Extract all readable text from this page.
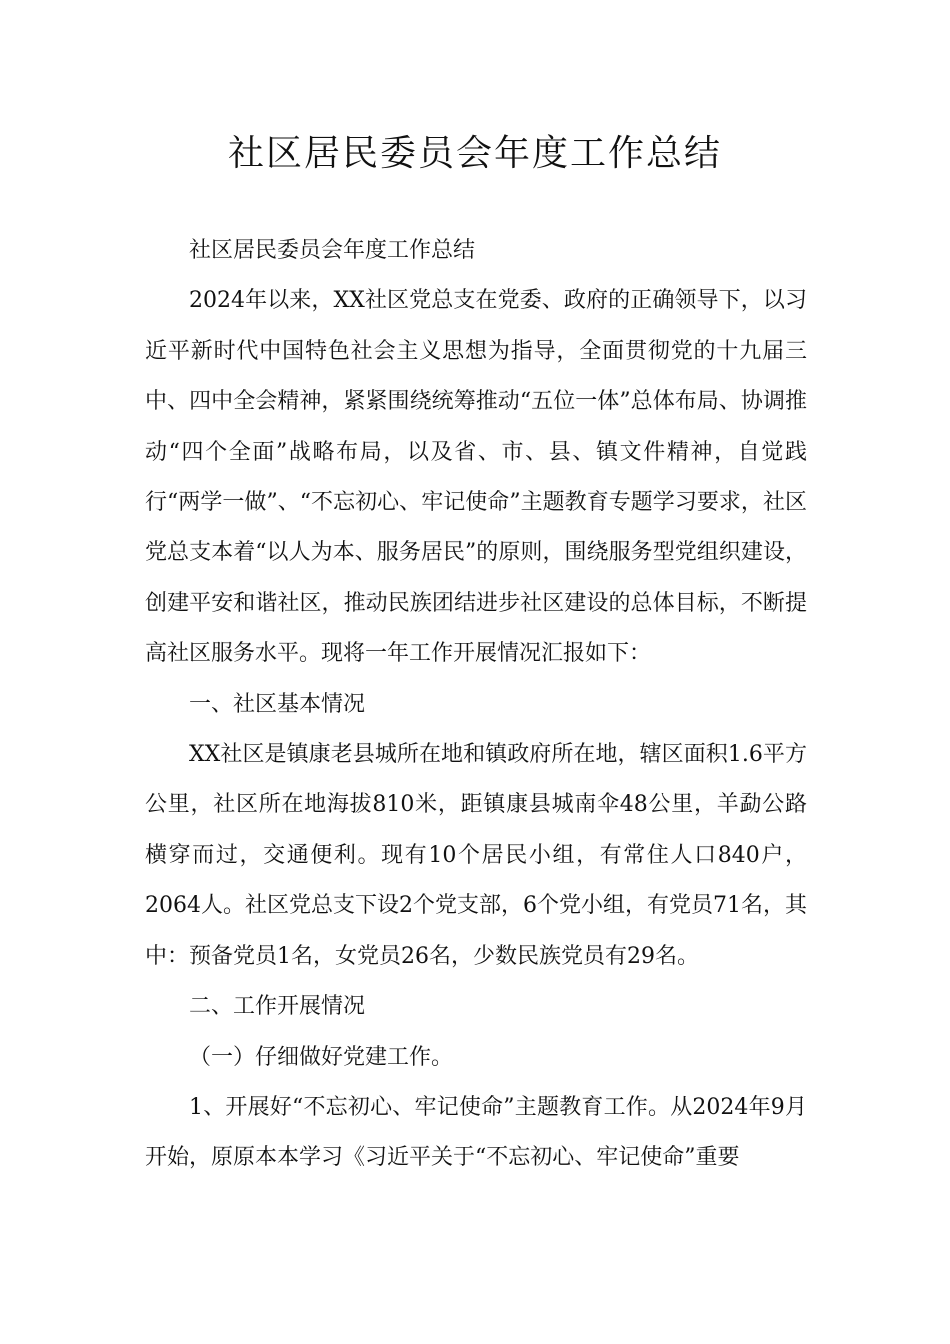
社区居民委员会年度工作总结

社区居民委员会年度工作总结

2024年以来，XX社区党总支在党委、政府的正确领导下，以习近平新时代中国特色社会主义思想为指导，全面贯彻党的十九届三中、四中全会精神，紧紧围绕统筹推动“五位一体”总体布局、协调推动“四个全面”战略布局，以及省、市、县、镇文件精神，自觉践行“两学一做”、“不忘初心、牢记使命”主题教育专题学习要求，社区党总支本着“以人为本、服务居民”的原则，围绕服务型党组织建设，创建平安和谐社区，推动民族团结进步社区建设的总体目标，不断提高社区服务水平。现将一年工作开展情况汇报如下：

一、社区基本情况

XX社区是镇康老县城所在地和镇政府所在地，辖区面积1.6平方公里，社区所在地海拔810米，距镇康县城南伞48公里，羊勐公路横穿而过，交通便利。现有10个居民小组，有常住人口840户，2064人。社区党总支下设2个党支部，6个党小组，有党员71名，其中：预备党员1名，女党员26名，少数民族党员有29名。

二、工作开展情况

（一）仔细做好党建工作。

1、开展好“不忘初心、牢记使命”主题教育工作。从2024年9月开始，原原本本学习《习近平关于“不忘初心、牢记使命”重要
